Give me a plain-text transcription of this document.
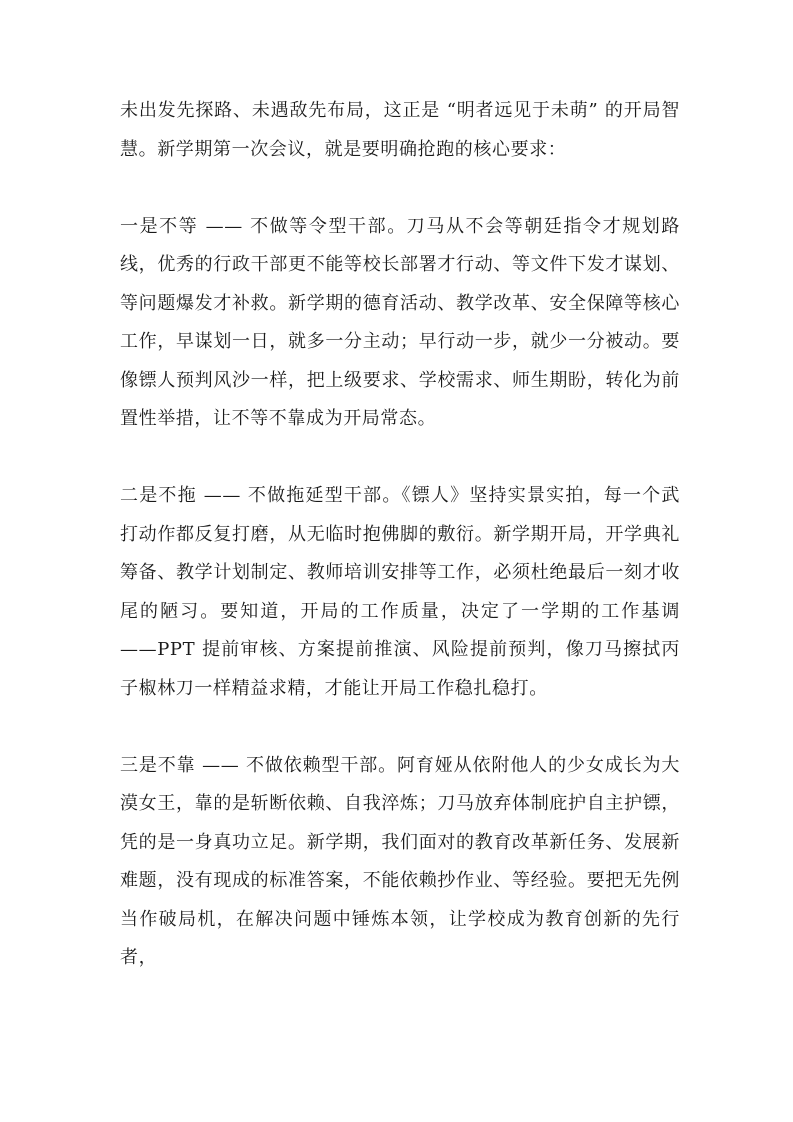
未出发先探路、未遇敌先布局，这正是 “明者远见于未萌” 的开局智慧。新学期第一次会议，就是要明确抢跑的核心要求：

一是不等 —— 不做等令型干部。刀马从不会等朝廷指令才规划路线，优秀的行政干部更不能等校长部署才行动、等文件下发才谋划、等问题爆发才补救。新学期的德育活动、教学改革、安全保障等核心工作，早谋划一日，就多一分主动；早行动一步，就少一分被动。要像镖人预判风沙一样，把上级要求、学校需求、师生期盼，转化为前置性举措，让不等不靠成为开局常态。

二是不拖 —— 不做拖延型干部。《镖人》坚持实景实拍，每一个武打动作都反复打磨，从无临时抱佛脚的敷衍。新学期开局，开学典礼筹备、教学计划制定、教师培训安排等工作，必须杜绝最后一刻才收尾的陋习。要知道，开局的工作质量，决定了一学期的工作基调 ——PPT 提前审核、方案提前推演、风险提前预判，像刀马擦拭丙子椒林刀一样精益求精，才能让开局工作稳扎稳打。

三是不靠 —— 不做依赖型干部。阿育娅从依附他人的少女成长为大漠女王，靠的是斩断依赖、自我淬炼；刀马放弃体制庇护自主护镖，凭的是一身真功立足。新学期，我们面对的教育改革新任务、发展新难题，没有现成的标准答案，不能依赖抄作业、等经验。要把无先例当作破局机，在解决问题中锤炼本领，让学校成为教育创新的先行者，
